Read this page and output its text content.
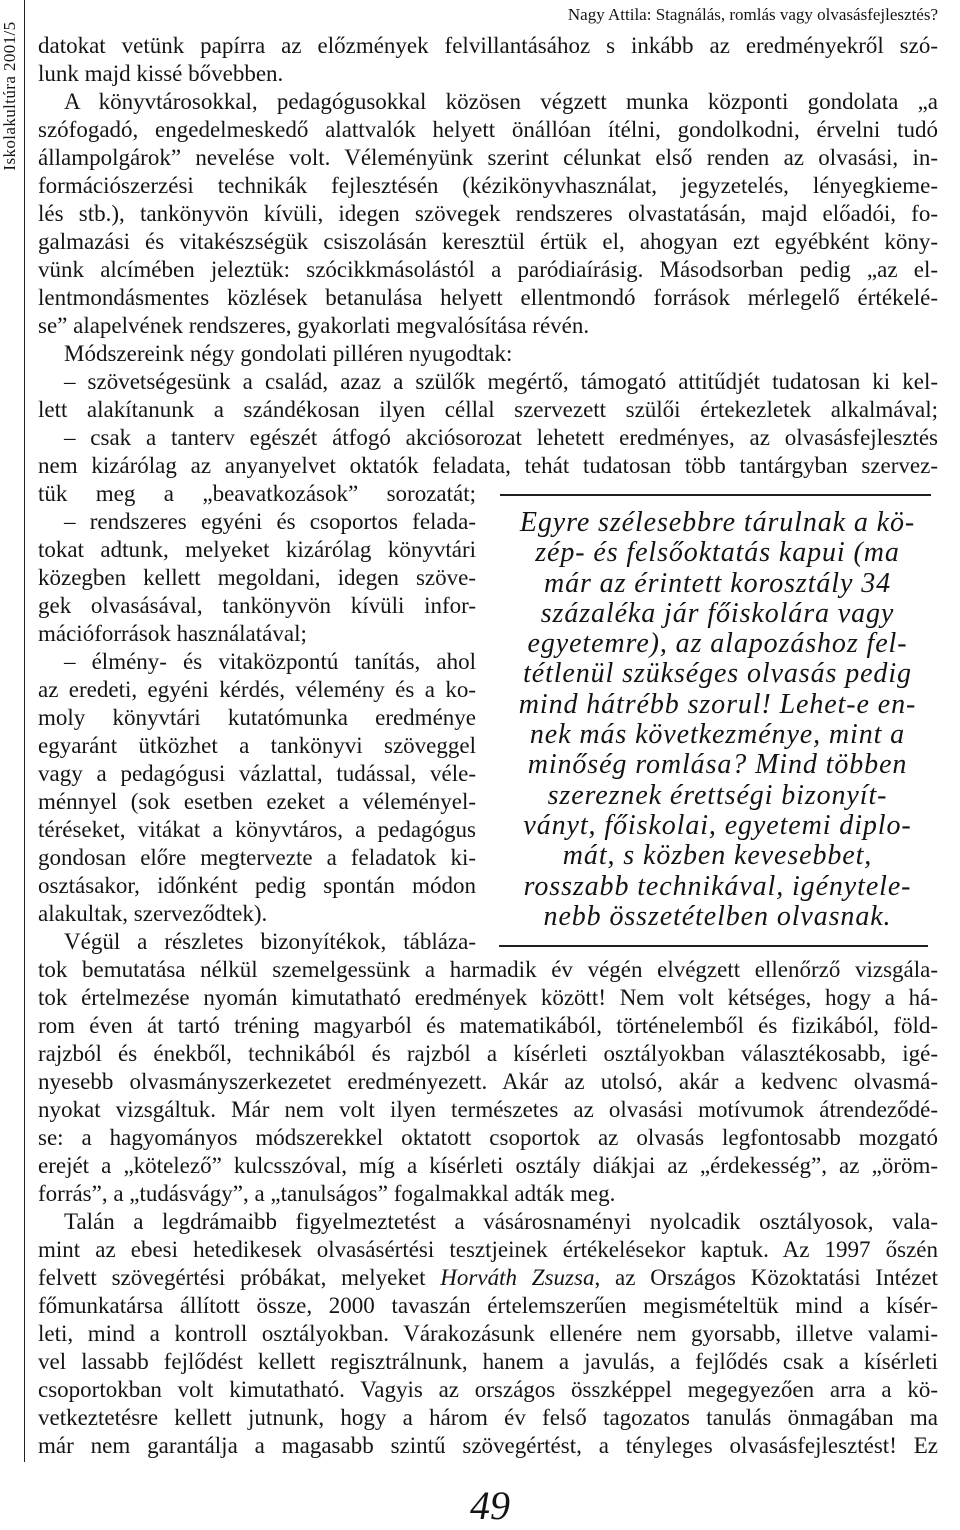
Iskolakultúra 2001/5
Nagy Attila: Stagnálás, romlás vagy olvasásfejlesztés?
datokat vetünk papírra az előzmények felvillantásához s inkább az eredményekről szó-
lunk majd kissé bővebben.
A könyvtárosokkal, pedagógusokkal közösen végzett munka központi gondolata „a
szófogadó, engedelmeskedő alattvalók helyett önállóan ítélni, gondolkodni, érvelni tudó
állampolgárok” nevelése volt. Véleményünk szerint célunkat első renden az olvasási, in-
formációszerzési technikák fejlesztésén (kézikönyvhasználat, jegyzetelés, lényegkieme-
lés stb.), tankönyvön kívüli, idegen szövegek rendszeres olvastatásán, majd előadói, fo-
galmazási és vitakészségük csiszolásán keresztül értük el, ahogyan ezt egyébként köny-
vünk alcímében jeleztük: szócikkmásolástól a paródiaírásig. Másodsorban pedig „az el-
lentmondásmentes közlések betanulása helyett ellentmondó források mérlegelő értékelé-
se” alapelvének rendszeres, gyakorlati megvalósítása révén.
Módszereink négy gondolati pilléren nyugodtak:
– szövetségesünk a család, azaz a szülők megértő, támogató attitűdjét tudatosan ki kel-
lett alakítanunk a szándékosan ilyen céllal szervezett szülői értekezletek alkalmával;
– csak a tanterv egészét átfogó akciósorozat lehetett eredményes, az olvasásfejlesztés
nem kizárólag az anyanyelvet oktatók feladata, tehát tudatosan több tantárgyban szervez-
tük meg a „beavatkozások” sorozatát;
– rendszeres egyéni és csoportos felada-
tokat adtunk, melyeket kizárólag könyvtári
közegben kellett megoldani, idegen szöve-
gek olvasásával, tankönyvön kívüli infor-
mációforrások használatával;
– élmény- és vitaközpontú tanítás, ahol
az eredeti, egyéni kérdés, vélemény és a ko-
moly könyvtári kutatómunka eredménye
egyaránt ütközhet a tankönyvi szöveggel
vagy a pedagógusi vázlattal, tudással, véle-
ménnyel (sok esetben ezeket a véleményel-
téréseket, vitákat a könyvtáros, a pedagógus
gondosan előre megtervezte a feladatok ki-
osztásakor, időnként pedig spontán módon
alakultak, szerveződtek).
Végül a részletes bizonyítékok, tábláza-
tok bemutatása nélkül szemelgessünk a harmadik év végén elvégzett ellenőrző vizsgála-
tok értelmezése nyomán kimutatható eredmények között! Nem volt kétséges, hogy a há-
rom éven át tartó tréning magyarból és matematikából, történelemből és fizikából, föld-
rajzból és énekből, technikából és rajzból a kísérleti osztályokban választékosabb, igé-
nyesebb olvasmányszerkezetet eredményezett. Akár az utolsó, akár a kedvenc olvasmá-
nyokat vizsgáltuk. Már nem volt ilyen természetes az olvasási motívumok átrendeződé-
se: a hagyományos módszerekkel oktatott csoportok az olvasás legfontosabb mozgató
erejét a „kötelező” kulcsszóval, míg a kísérleti osztály diákjai az „érdekesség”, az „öröm-
forrás”, a „tudásvágy”, a „tanulságos” fogalmakkal adták meg.
Talán a legdrámaibb figyelmeztetést a vásárosnaményi nyolcadik osztályosok, vala-
mint az ebesi hetedikesek olvasásértési tesztjeinek értékelésekor kaptuk. Az 1997 őszén
felvett szövegértési próbákat, melyeket Horváth Zsuzsa, az Országos Közoktatási Intézet
főmunkatársa állított össze, 2000 tavaszán értelemszerűen megismételtük mind a kísér-
leti, mind a kontroll osztályokban. Várakozásunk ellenére nem gyorsabb, illetve valami-
vel lassabb fejlődést kellett regisztrálnunk, hanem a javulás, a fejlődés csak a kísérleti
csoportokban volt kimutatható. Vagyis az országos összképpel megegyezően arra a kö-
vetkeztetésre kellett jutnunk, hogy a három év felső tagozatos tanulás önmagában ma
már nem garantálja a magasabb szintű szövegértést, a tényleges olvasásfejlesztést! Ez
Egyre szélesebbre tárulnak a kö-
zép- és felsőoktatás kapui (ma
már az érintett korosztály 34
százaléka jár főiskolára vagy
egyetemre), az alapozáshoz fel-
tétlenül szükséges olvasás pedig
mind hátrébb szorul! Lehet-e en-
nek más következménye, mint a
minőség romlása? Mind többen
szereznek érettségi bizonyít-
ványt, főiskolai, egyetemi diplo-
mát, s közben kevesebbet,
rosszabb technikával, igénytele-
nebb összetételben olvasnak.
49
